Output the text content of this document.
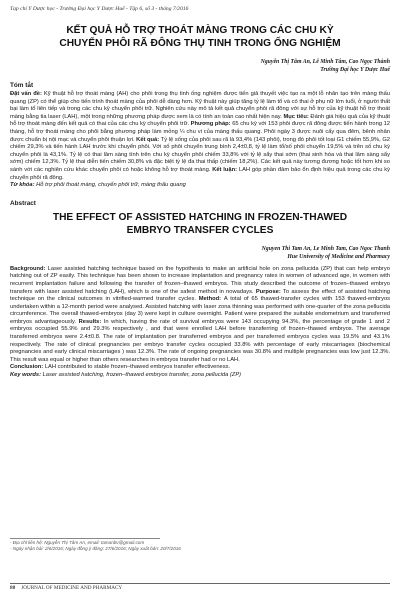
Tạp chí Y Dược học - Trường Đại học Y Dược Huế - Tập 6, số 3 - tháng 7/2016
KẾT QUẢ HỖ TRỢ THOÁT MÀNG TRONG CÁC CHU KỲ
CHUYỂN PHÔI RÃ ĐÔNG THỤ TINH TRONG ỐNG NGHIỆM
Nguyễn Thị Tâm An, Lê Minh Tâm, Cao Ngọc Thành
Trường Đại học Y Dược Huế
Tóm tắt
Đặt vấn đề: Kỹ thuật hỗ trợ thoát màng (AH) cho phôi trong thụ tinh ống nghiệm được tiến giả thuyết việc tạo ra một lỗ nhân tạo trên màng thấu quang (ZP) có thể giúp cho tiến trình thoát màng của phôi dễ dàng hơn. Kỹ thuật này giúp tăng tỷ lệ làm tổ và có thai ở phụ nữ lớn tuổi, ở người thất bại làm tổ liên tiếp và trong các chu kỳ chuyển phôi trữ. Nghiên cứu này mô tả kết quả chuyển phôi rã đông với sự hỗ trợ của kỹ thuật hỗ trợ thoát màng bằng tia laser (LAH), một trong những phương pháp được xem là có tính an toàn cao nhất hiện nay. Mục tiêu: Đánh giá hiệu quả của kỹ thuật hỗ trợ thoát màng đến kết quả có thai của các chu kỳ chuyển phôi trữ. Phương pháp: 65 chu kỳ với 153 phôi được rã đông được tiến hành trong 12 tháng, hỗ trợ thoát màng cho phôi bằng phương pháp làm mỏng ¼ chu vi của màng thấu quang. Phôi ngày 3 được nuôi cấy qua đêm, bênh nhân được chuẩn bị nội mạc và chuyển phôi thuận lợi. Kết quả: Tỷ lệ sống của phôi sau rã là 93,4% (143 phôi), trong đó phôi tốt loại G1 chiếm 55,9%, G2 chiếm 29,3% và tiến hành LAH trước khi chuyển phôi. Với số phôi chuyển trung bình 2,4±0,8, tỷ lệ làm tổ/số phôi chuyển 19,5% và trên số chu kỳ chuyển phôi là 43,1%. Tỷ lệ có thai lâm sàng tính trên chu kỳ chuyển phôi chiếm 33,8% với tỷ lệ sẩy thai sớm (thai sinh hóa và thai lâm sàng sẩy sớm) chiếm 12,3%. Tỷ lệ thai diễn tiến chiếm 30,8% và đặc biệt tỷ lệ đa thai thấp (chiếm 18,2%). Các kết quả này tương đương hoặc tốt hơn khi so sánh với các nghiên cứu khác chuyển phôi có hoặc không hỗ trợ thoát màng. Kết luận: LAH góp phần đảm bảo ổn định hiệu quả trong các chu kỳ chuyển phôi rã đông.
Từ khóa: Hỗ trợ phôi thoát màng, chuyển phôi trữ, màng thấu quang
Abstract
THE EFFECT OF ASSISTED HATCHING IN FROZEN-THAWED
EMBRYO TRANSFER CYCLES
Nguyen Thi Tam An, Le Minh Tam, Cao Ngoc Thanh
Hue University of Medicine and Pharmacy
Background: Laser assisted hatching technique based on the hypothesis to make an artificial hole on zona pellucida (ZP) that can help embryo hatching out of ZP easily. This technique has been shown to increase implantation and pregnancy rates in women of advanced age, in women with recurrent implantation failure and following the transfer of frozen–thawed embryos. This study described the outcome of frozen–thawed embryo transfers with laser assisted hatching (LAH), which is one of the safest method in nowadays. Purpose: To assess the effect of assisted hatching technique on the clinical outcomes in vitrified-warmed transfer cycles. Method: A total of 65 thawed-transfer cycles with 153 thawed-embryos undertaken within a 12-month period were analysed. Assisted hatching with laser zona thinning was performed with one-quarter of the zona pellucida circumference. The overall thawed-embryos (day 3) were kept in culture overnight. Patient were prepared the suitable endometrium and transferred embryos advantageously. Results: In which, having the rate of survival embryos were 143 occupying 94.3%, the percentage of grade 1 and 2 embryos occupied 55.9% and 29.3% respectively , and that were enrolled LAH before transferring of frozen–thawed embryos. The average transferred embryos were 2.4±0.8. The rate of implantation per transferred embryos and per transferred embryos cycles was 19.5% and 43.1% respectively. The rate of clinical pregnancies per embryo transfer cycles occupied 33.8% with percentage of early miscarriages (biochemical pregnancies and early clinical miscarriages ) was 12.3%. The rate of ongoing pregnancies was 30.8% and multiple pregnancies was low just 12.3%. This result was equal or higher than others researches in embryos transfer had or no LAH.
Conclusion: LAH contributed to stable frozen–thawed embryos transfer effectiveness.
Key words: Laser assisted hatching, frozen–thawed embryos transfer, zona pellucida (ZP)
- Địa chỉ liên hệ: Nguyễn Thị Tâm An, email: tamanbv@gmail.com
- Ngày nhận bài: 2/6/2016; Ngày đồng ý đăng: 27/6/2016; Ngày xuất bản: 20/7/2016
80 JOURNAL OF MEDICINE AND PHARMACY
